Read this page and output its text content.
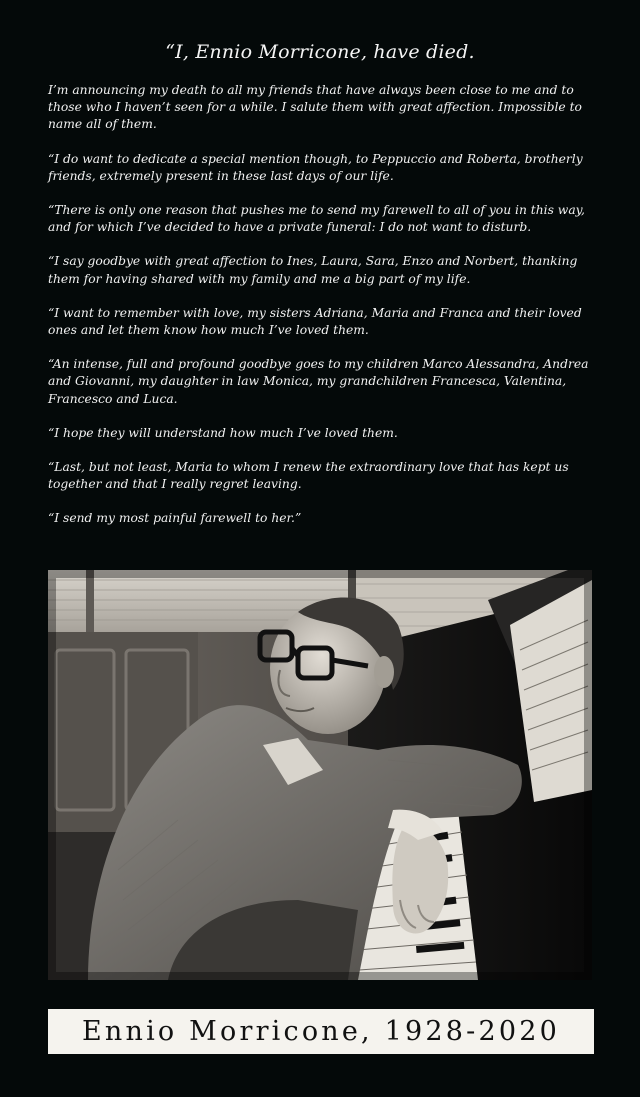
“I, Ennio Morricone, have died.

I’m announcing my death to all my friends that have always been close to me and to those who I haven’t seen for a while. I salute them with great affection. Impossible to name all of them.

“I do want to dedicate a special mention though, to Peppuccio and Roberta, brotherly friends, extremely present in these last days of our life.

“There is only one reason that pushes me to send my farewell to all of you in this way, and for which I’ve decided to have a private funeral: I do not want to disturb.

“I say goodbye with great affection to Ines, Laura, Sara, Enzo and Norbert, thanking them for having shared with my family and me a big part of my life.

“I want to remember with love, my sisters Adriana, Maria and Franca and their loved ones and let them know how much I’ve loved them.

“An intense, full and profound goodbye goes to my children Marco Alessandra, Andrea and Giovanni, my daughter in law Monica, my grandchildren Francesca, Valentina, Francesco and Luca.

“I hope they will understand how much I’ve loved them.

“Last, but not least, Maria to whom I renew the extraordinary love that has kept us together and that I really regret leaving.

“I send my most painful farewell to her.”

Ennio Morricone, 1928-2020
